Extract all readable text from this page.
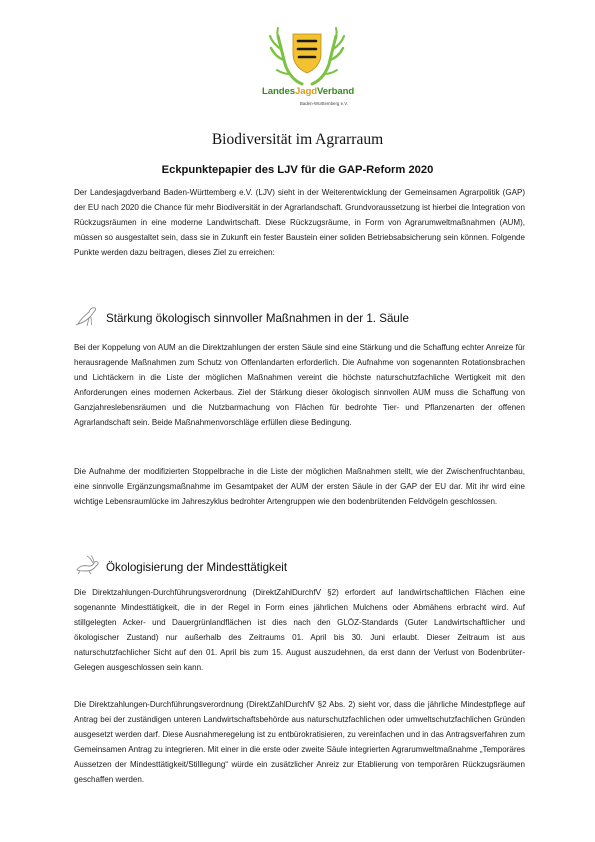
LandesJagdVerband
Baden-Württemberg e.V.
Biodiversität im Agrarraum
Eckpunktepapier des LJV für die GAP-Reform 2020

Der Landesjagdverband Baden-Württemberg e.V. (LJV) sieht in der Weiterentwicklung der Gemeinsamen Agrarpolitik (GAP) der EU nach 2020 die Chance für mehr Biodiversität in der Agrarlandschaft. Grundvoraussetzung ist hierbei die Integration von Rückzugsräumen in eine moderne Landwirtschaft. Diese Rückzugsräume, in Form von Agrarumweltmaßnahmen (AUM), müssen so ausgestaltet sein, dass sie in Zukunft ein fester Baustein einer soliden Betriebsabsicherung sein können. Folgende Punkte werden dazu beitragen, dieses Ziel zu erreichen:

Stärkung ökologisch sinnvoller Maßnahmen in der 1. Säule

Bei der Koppelung von AUM an die Direktzahlungen der ersten Säule sind eine Stärkung und die Schaffung echter Anreize für herausragende Maßnahmen zum Schutz von Offenlandarten erforderlich. Die Aufnahme von sogenannten Rotationsbrachen und Lichtäckern in die Liste der möglichen Maßnahmen vereint die höchste naturschutzfachliche Wertigkeit mit den Anforderungen eines modernen Ackerbaus. Ziel der Stärkung dieser ökologisch sinnvollen AUM muss die Schaffung von Ganzjahreslebensräumen und die Nutzbarmachung von Flächen für bedrohte Tier- und Pflanzenarten der offenen Agrarlandschaft sein. Beide Maßnahmenvorschläge erfüllen diese Bedingung.

Die Aufnahme der modifizierten Stoppelbrache in die Liste der möglichen Maßnahmen stellt, wie der Zwischenfruchtanbau, eine sinnvolle Ergänzungsmaßnahme im Gesamtpaket der AUM der ersten Säule in der GAP der EU dar. Mit ihr wird eine wichtige Lebensraumlücke im Jahreszyklus bedrohter Artengruppen wie den bodenbrütenden Feldvögeln geschlossen.

Ökologisierung der Mindesttätigkeit

Die Direktzahlungen-Durchführungsverordnung (DirektZahlDurchfV §2) erfordert auf landwirtschaftlichen Flächen eine sogenannte Mindesttätigkeit, die in der Regel in Form eines jährlichen Mulchens oder Abmähens erbracht wird. Auf stillgelegten Acker- und Dauergrünlandflächen ist dies nach den GLÖZ-Standards (Guter Landwirtschaftlicher und ökologischer Zustand) nur außerhalb des Zeitraums 01. April bis 30. Juni erlaubt. Dieser Zeitraum ist aus naturschutzfachlicher Sicht auf den 01. April bis zum 15. August auszudehnen, da erst dann der Verlust von Bodenbrüter-Gelegen ausgeschlossen sein kann.

Die Direktzahlungen-Durchführungsverordnung (DirektZahlDurchfV §2 Abs. 2) sieht vor, dass die jährliche Mindestpflege auf Antrag bei der zuständigen unteren Landwirtschaftsbehörde aus naturschutzfachlichen oder umweltschutzfachlichen Gründen ausgesetzt werden darf. Diese Ausnahmeregelung ist zu entbürokratisieren, zu vereinfachen und in das Antragsverfahren zum Gemeinsamen Antrag zu integrieren. Mit einer in die erste oder zweite Säule integrierten Agrarumweltmaßnahme „Temporäres Aussetzen der Mindesttätigkeit/Stilllegung“ würde ein zusätzlicher Anreiz zur Etablierung von temporären Rückzugsräumen geschaffen werden.
